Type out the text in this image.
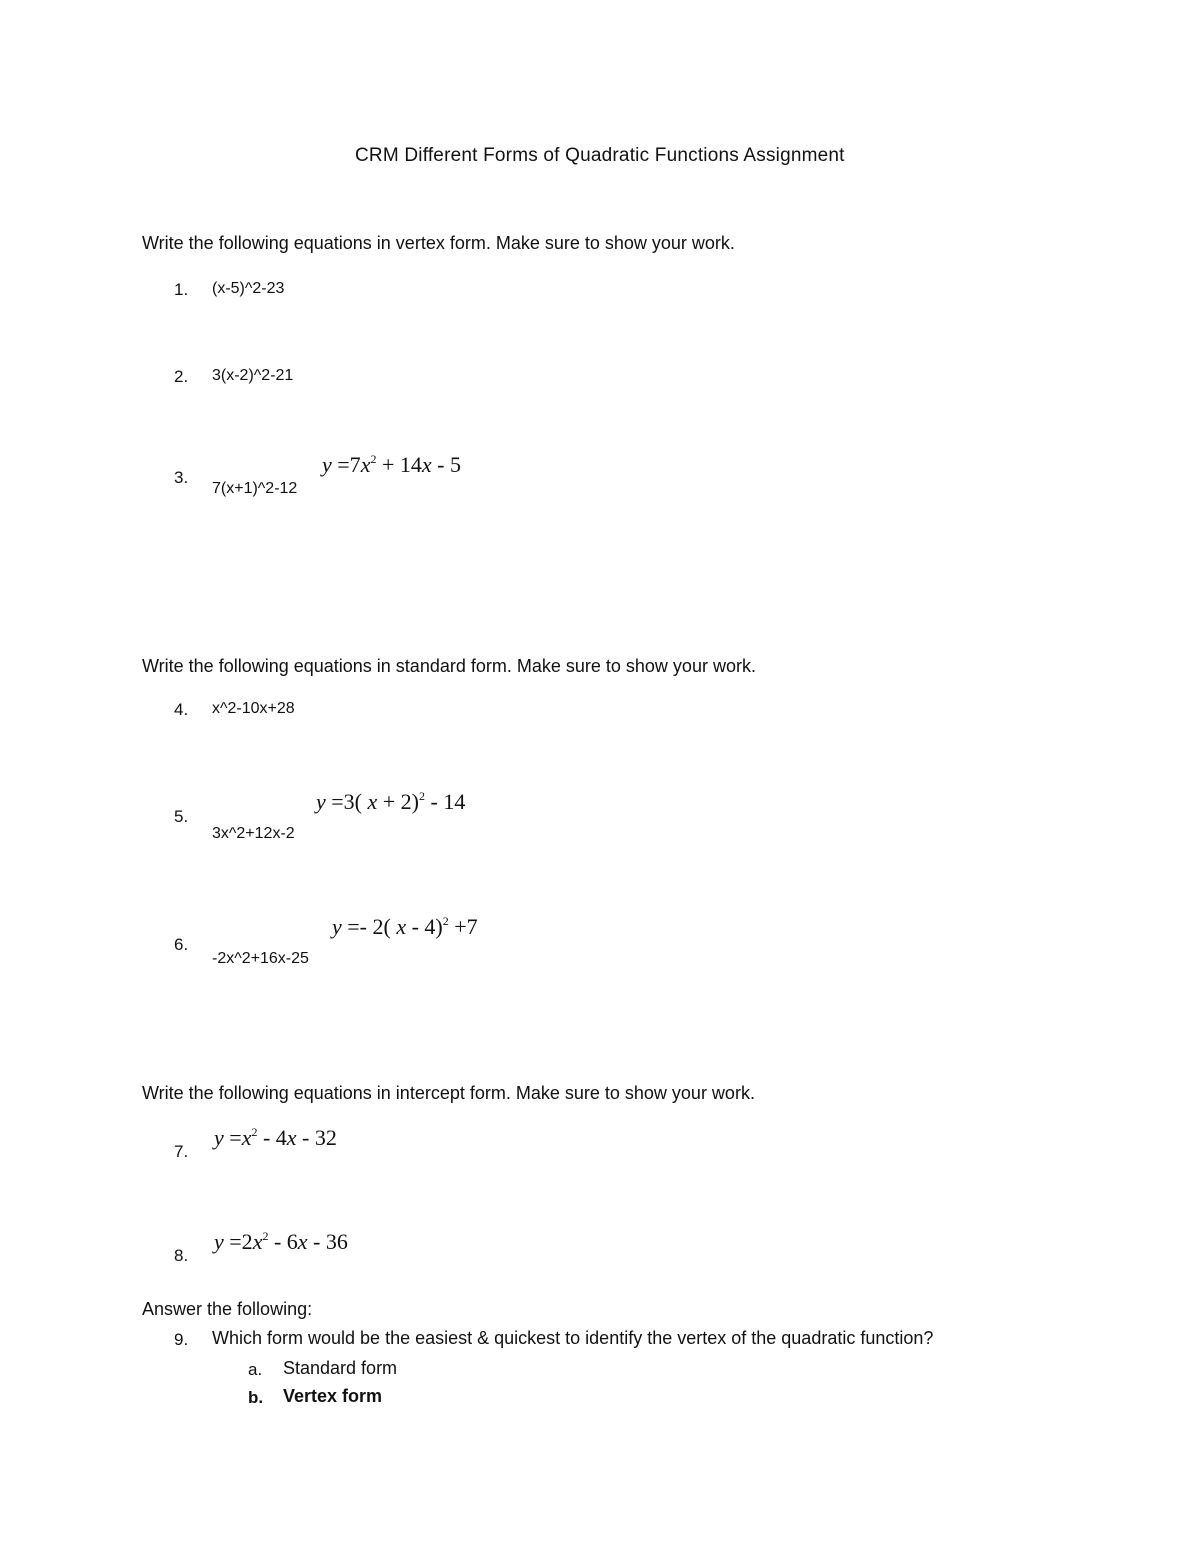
CRM Different Forms of Quadratic Functions Assignment
Write the following equations in vertex form. Make sure to show your work.
1. (x-5)^2-23
2. 3(x-2)^2-21
3.
$y =7x^2 + 14x - 5$
7(x+1)^2-12
Write the following equations in standard form. Make sure to show your work.
4. x^2-10x+28
5.
y =3( x + 2)$^2$ - 14
3x^2+12x-2
6.
y =- 2( x - 4)$^2$ +7
-2x^2+16x-25
Write the following equations in intercept form. Make sure to show your work.
7.
$y =x^2 - 4x - 32$
8.
$y =2x^2 - 6x - 36$
Answer the following:
9. Which form would be the easiest & quickest to identify the vertex of the quadratic function?
a. Standard form
b. Vertex form
